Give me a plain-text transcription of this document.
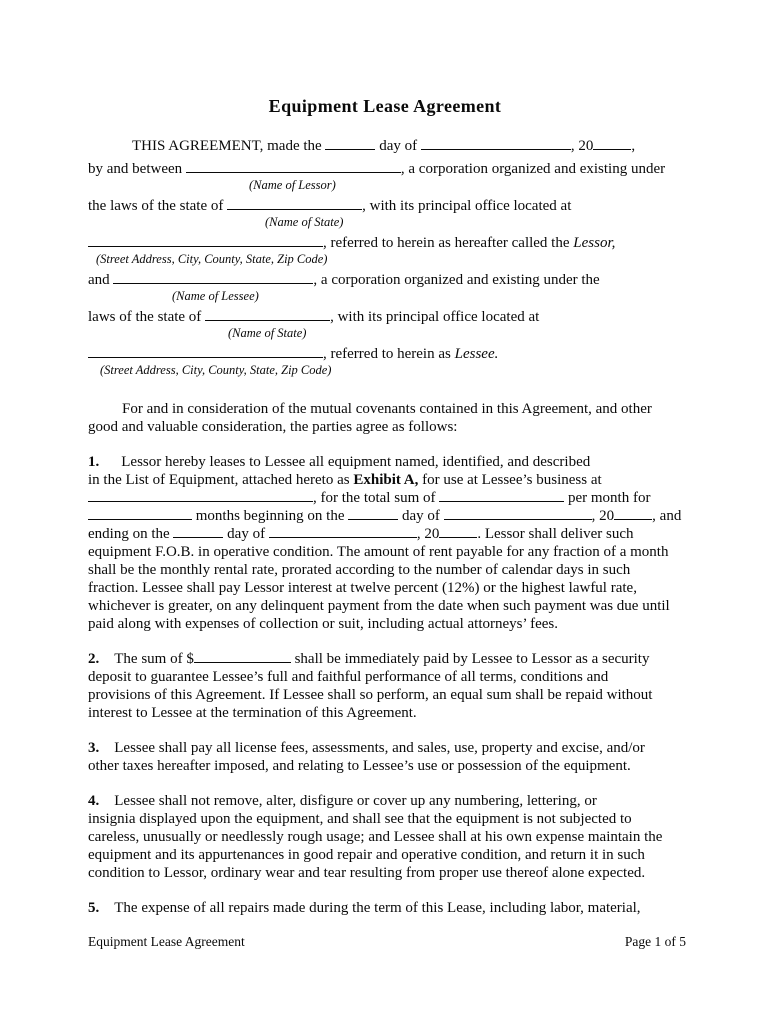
Equipment Lease Agreement
THIS AGREEMENT, made the	day of	, 20	,
by and between	, a corporation organized and existing under
(Name of Lessor)
the laws of the state of	, with its principal office located at
(Name of State)
, referred to herein as hereafter called the Lessor,
(Street Address, City, County, State, Zip Code)
and	, a corporation organized and existing under the
(Name of Lessee)
laws of the state of	, with its principal office located at
(Name of State)
, referred to herein as Lessee.
(Street Address, City, County, State, Zip Code)
For and in consideration of the mutual covenants contained in this Agreement, and other
good and valuable consideration, the parties agree as follows:
1. Lessor hereby leases to Lessee all equipment named, identified, and described
in the List of Equipment, attached hereto as Exhibit A, for use at Lessee’s business at
, for the total sum of	per month for
months beginning on the	day of	, 20	, and
ending on the	day of	, 20	. Lessor shall deliver such
equipment F.O.B. in operative condition. The amount of rent payable for any fraction of a month
shall be the monthly rental rate, prorated according to the number of calendar days in such
fraction. Lessee shall pay Lessor interest at twelve percent (12%) or the highest lawful rate,
whichever is greater, on any delinquent payment from the date when such payment was due until
paid along with expenses of collection or suit, including actual attorneys’ fees.
2. The sum of $	shall be immediately paid by Lessee to Lessor as a security
deposit to guarantee Lessee’s full and faithful performance of all terms, conditions and
provisions of this Agreement. If Lessee shall so perform, an equal sum shall be repaid without
interest to Lessee at the termination of this Agreement.
3. Lessee shall pay all license fees, assessments, and sales, use, property and excise, and/or
other taxes hereafter imposed, and relating to Lessee’s use or possession of the equipment.
4. Lessee shall not remove, alter, disfigure or cover up any numbering, lettering, or
insignia displayed upon the equipment, and shall see that the equipment is not subjected to
careless, unusually or needlessly rough usage; and Lessee shall at his own expense maintain the
equipment and its appurtenances in good repair and operative condition, and return it in such
condition to Lessor, ordinary wear and tear resulting from proper use thereof alone expected.
5. The expense of all repairs made during the term of this Lease, including labor, material,
Page 1 of 5
Equipment Lease Agreement
